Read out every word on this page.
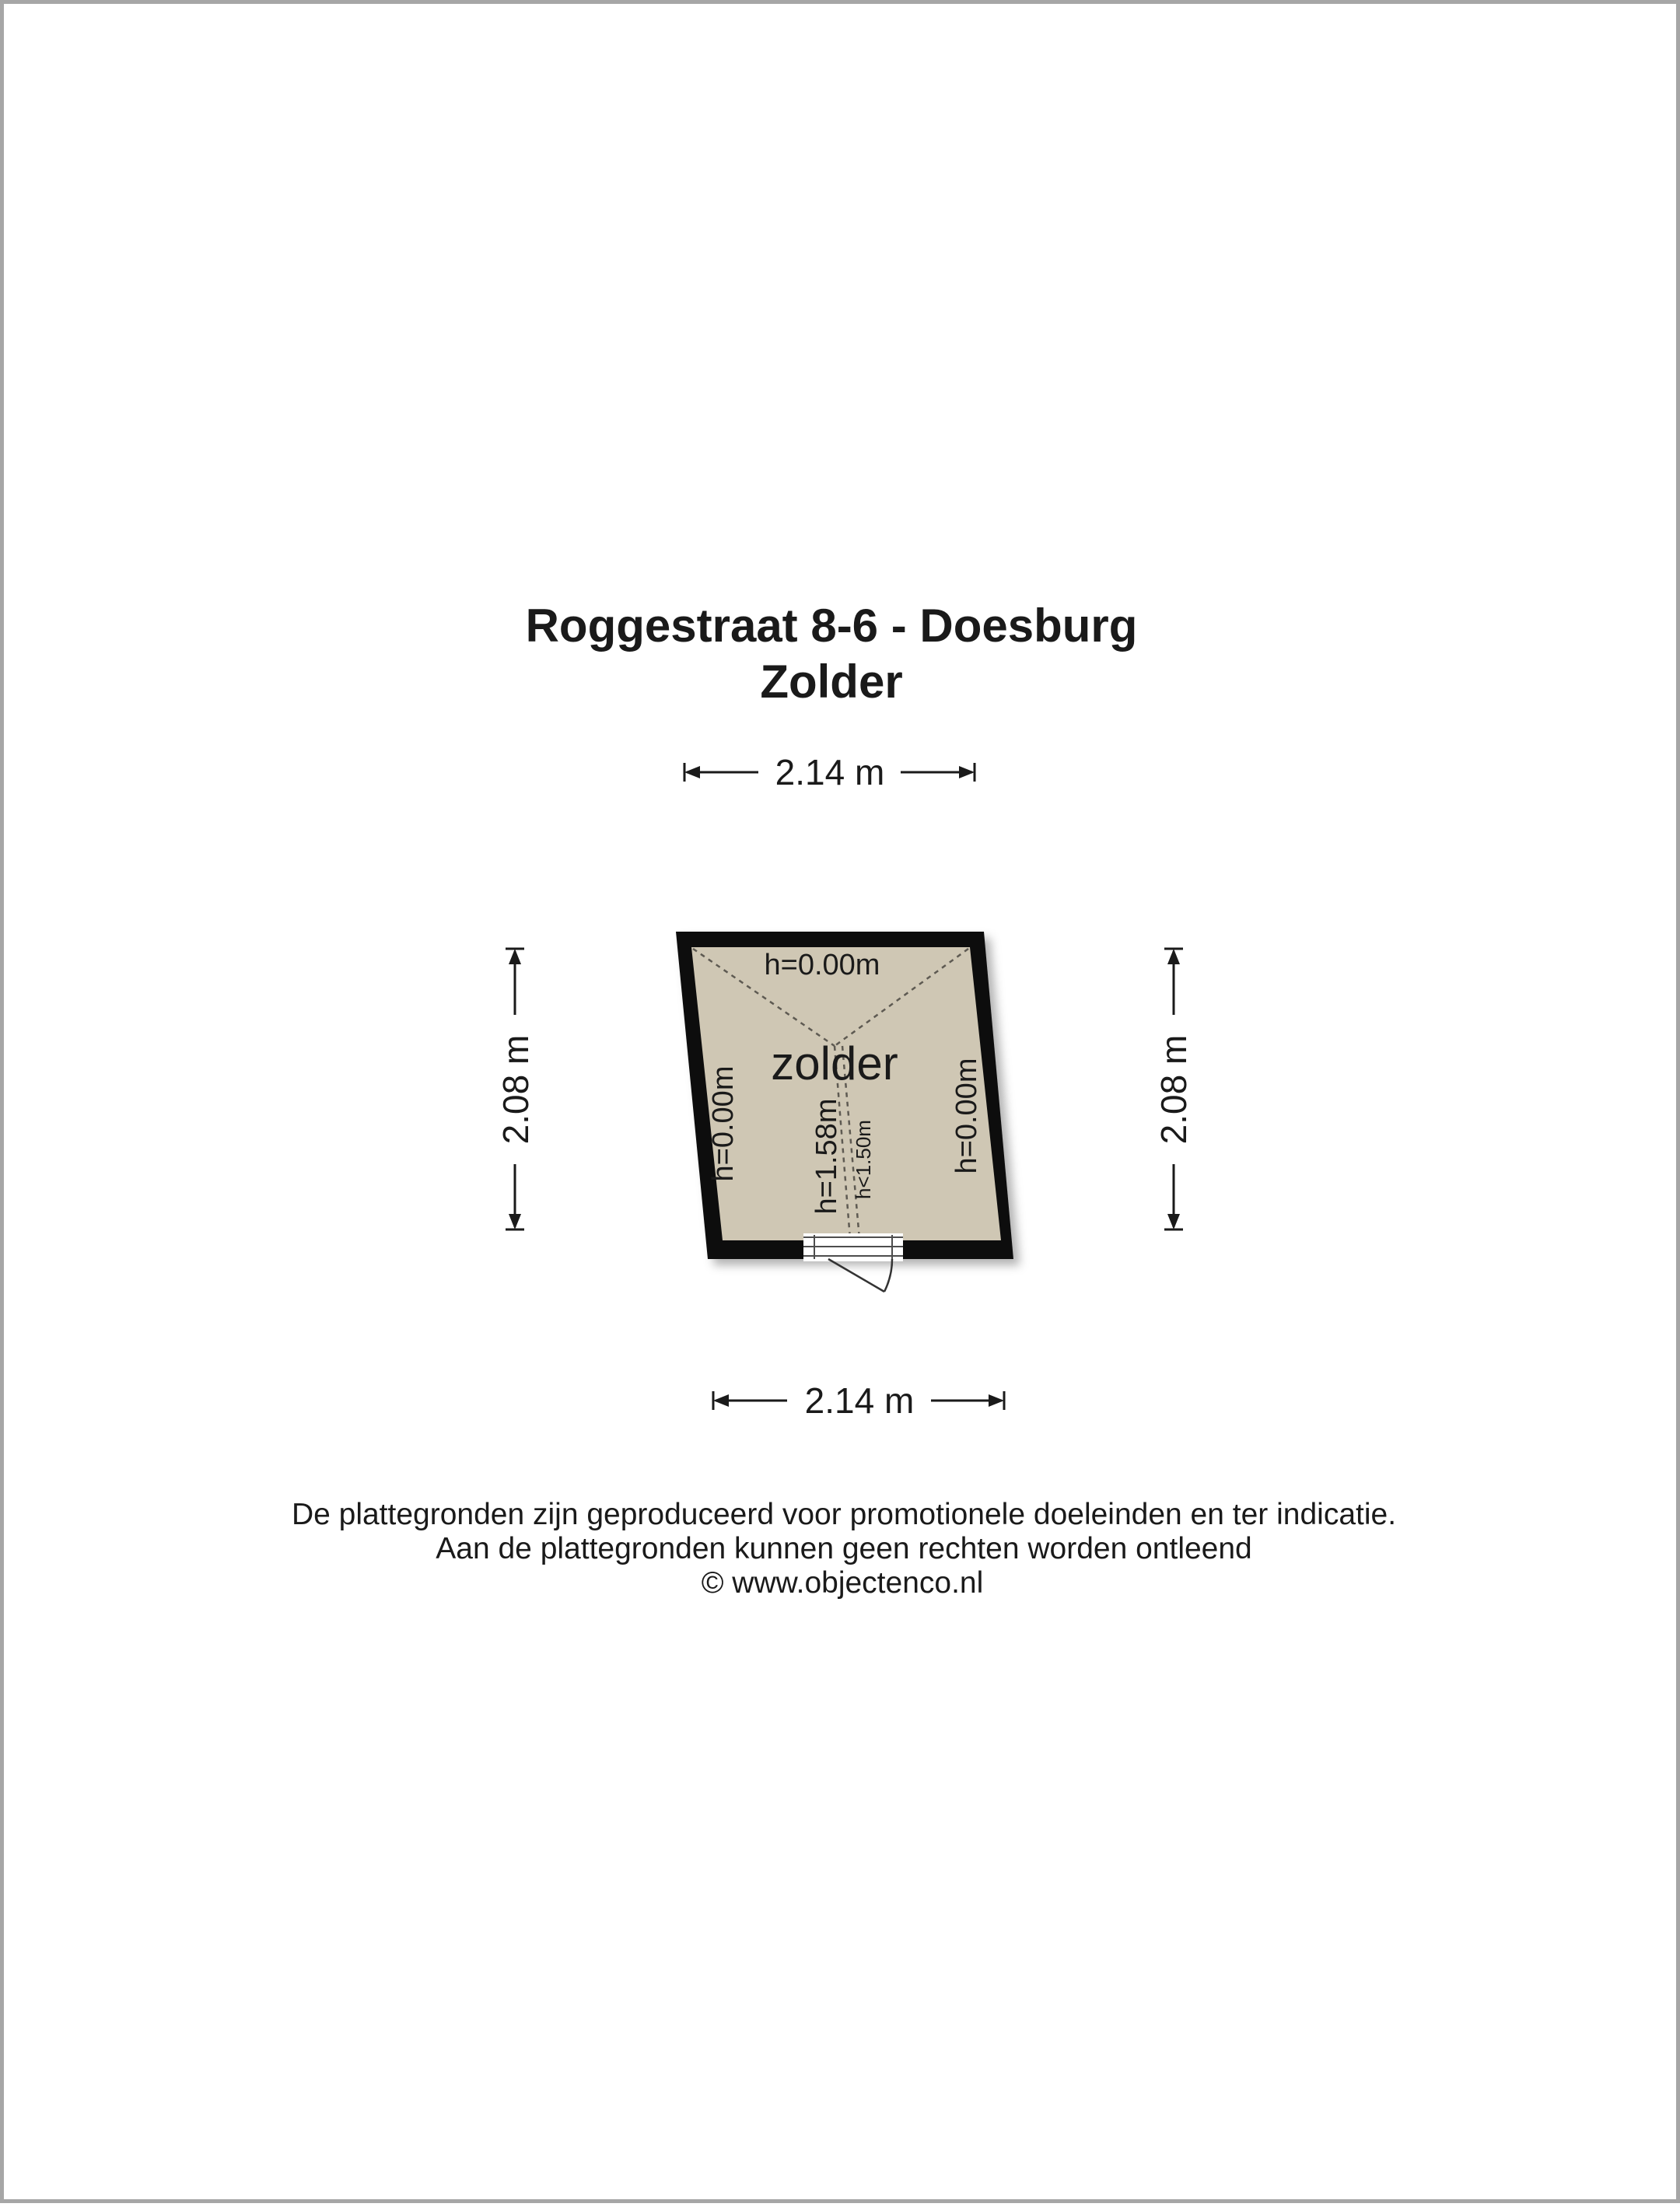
Roggestraat 8-6 - Doesburg
Zolder
2.14 m
2.14 m
2.08 m	2.08 m
zolder
h=0.00m
h=0.00m	h=0.00m
h=1.58m h<1.50m
De plattegronden zijn geproduceerd voor promotionele doeleinden en ter indicatie.
Aan de plattegronden kunnen geen rechten worden ontleend
© www.objectenco.nl
